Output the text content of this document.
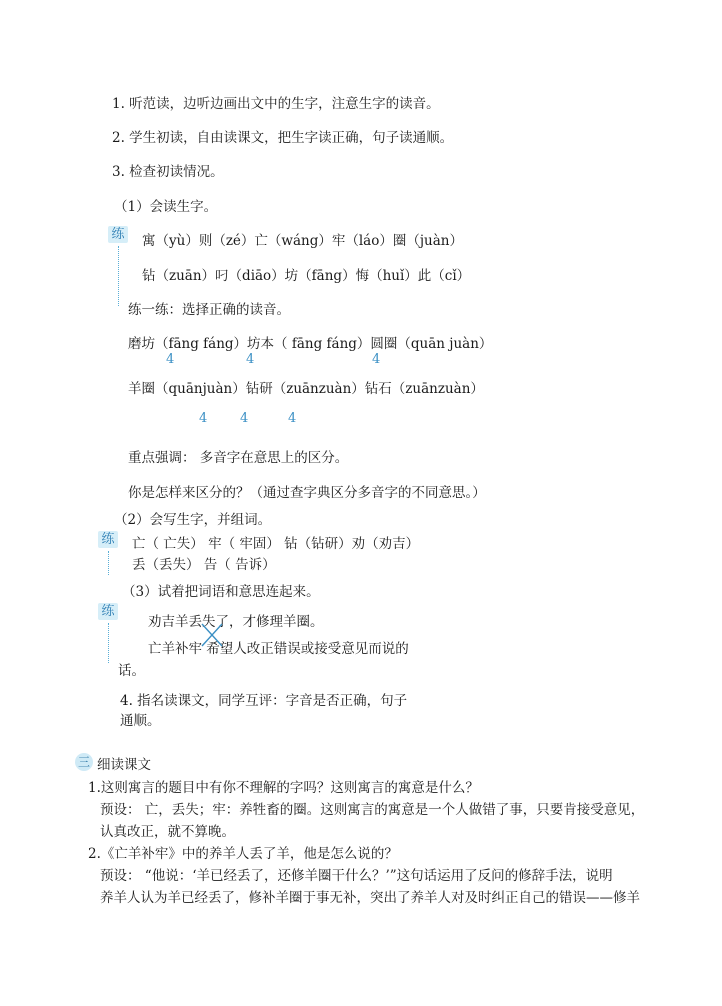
1. 听范读，边听边画出文中的生字，注意生字的读音。
2. 学生初读，自由读课文，把生字读正确，句子读通顺。
3. 检查初读情况。
（1）会读生字。
练 寓（yù）则（zé）亡（wáng）牢（láo）圈（juàn）
钻（zuān）叼（diāo）坊（fāng）悔（huǐ）此（cǐ）
练一练：选择正确的读音。
磨坊（fāng fáng）坊本（ fāng fáng）圆圈（quān juàn）
4	4	4
羊圈（quānjuàn）钻研（zuānzuàn）钻石（zuānzuàn）
4	4	4
重点强调： 多音字在意思上的区分。
你是怎样来区分的？（通过查字典区分多音字的不同意思。）
（2）会写生字，并组词。
练 亡（ 亡失） 牢（ 牢固） 钻（钻研）劝（劝吉）
丢（丢失） 告（ 告诉）
（3）试着把词语和意思连起来。
练
劝吉羊丢失了，才修理羊圈。
亡羊补牢 希望人改正错误或接受意见而说的
话。
4. 指名读课文，同学互评：字音是否正确，句子
通顺。
三 细读课文
1.这则寓言的题目中有你不理解的字吗？这则寓言的寓意是什么？
预设： 亡，丢失；牢：养牲畜的圈。这则寓言的寓意是一个人做错了事，只要肯接受意见，
认真改正，就不算晚。
2.《亡羊补牢》中的养羊人丢了羊，他是怎么说的？
预设： “他说：‘羊已经丢了，还修羊圈干什么？’”这句话运用了反问的修辞手法，说明
养羊人认为羊已经丢了，修补羊圈于事无补，突出了养羊人对及时纠正自己的错误——修羊
